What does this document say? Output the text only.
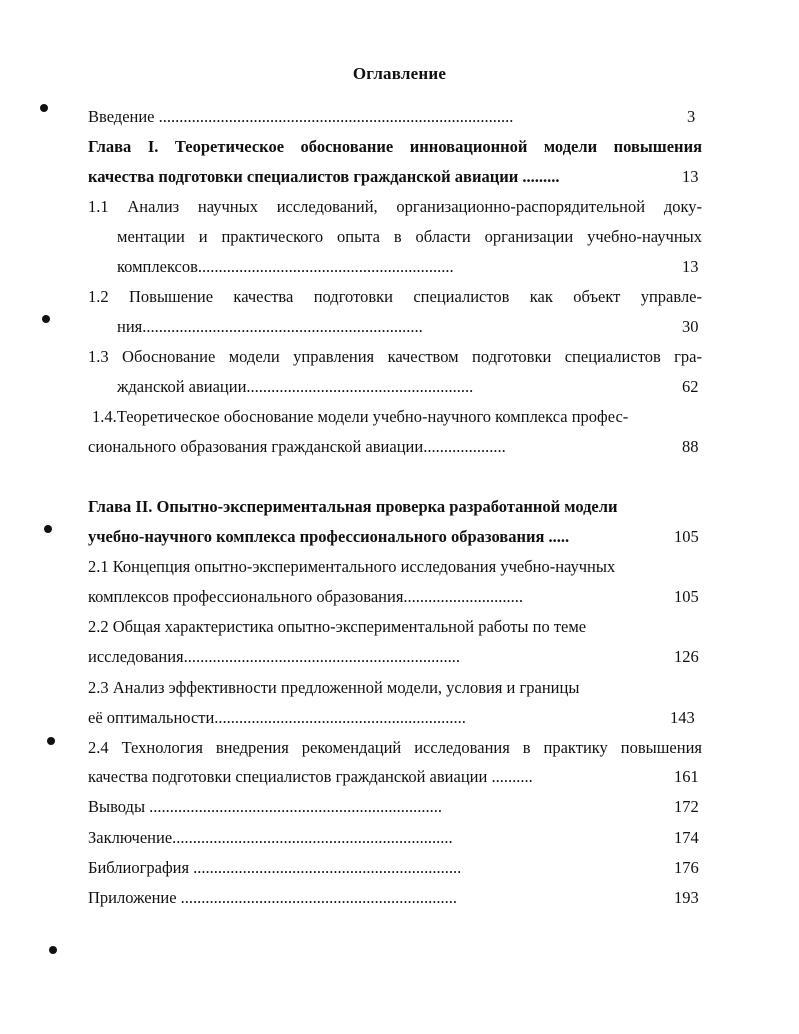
Оглавление
Введение ......................................................................................	3
Глава I. Теоретическое обоснование инновационной модели повышения
качества подготовки специалистов гражданской авиации .........	13
1.1 Анализ научных исследований, организационно-распорядительной доку-
ментации и практического опыта в области организации учебно-научных
комплексов..............................................................	13
1.2 Повышение качества подготовки специалистов как объект управле-
ния....................................................................	30
1.3 Обоснование модели управления качеством подготовки специалистов гра-
жданской авиации.......................................................	62
1.4.Теоретическое обоснование модели учебно-научного комплекса профес-
сионального образования гражданской авиации....................	88
Глава II. Опытно-экспериментальная проверка разработанной модели
учебно-научного комплекса профессионального образования .....	105
2.1 Концепция опытно-экспериментального исследования учебно-научных
комплексов профессионального образования.............................	105
2.2 Общая характеристика опытно-экспериментальной работы по теме
исследования...................................................................	126
2.3 Анализ эффективности предложенной модели, условия и границы
её оптимальности.............................................................	143
2.4 Технология внедрения рекомендаций исследования в практику повышения
качества подготовки специалистов гражданской авиации ..........	161
Выводы .......................................................................	172
Заключение....................................................................	174
Библиография .................................................................	176
Приложение ...................................................................	193
